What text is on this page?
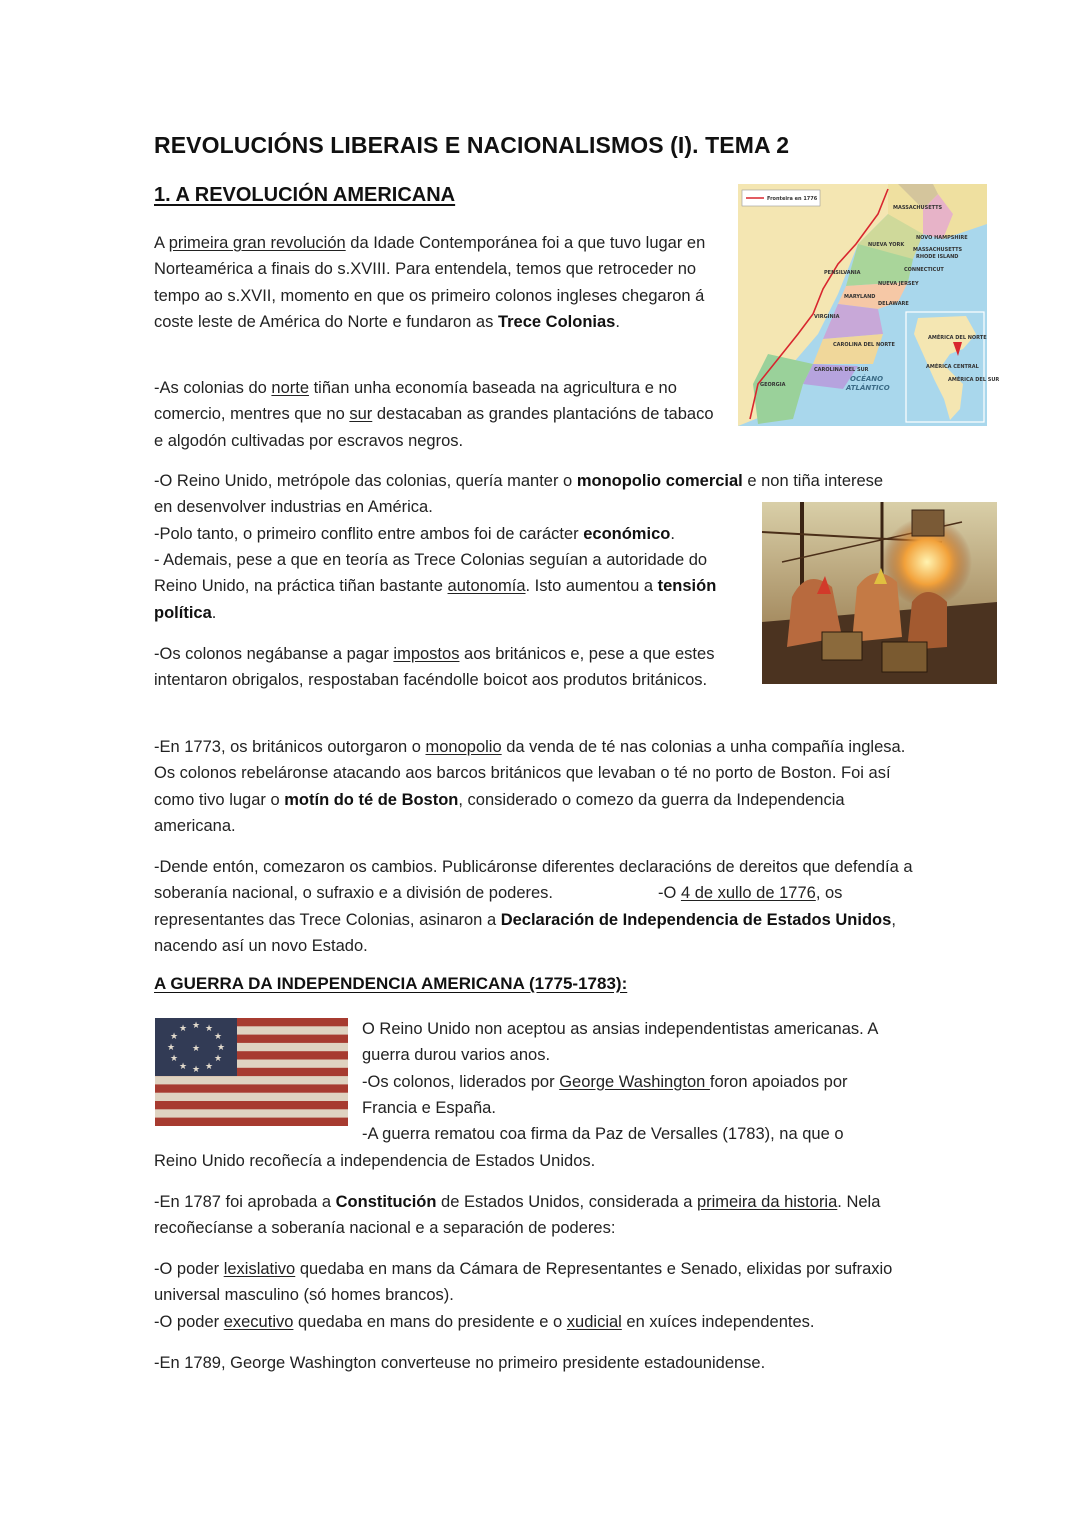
REVOLUCIÓNS LIBERAIS E NACIONALISMOS (I). TEMA 2
1. A REVOLUCIÓN AMERICANA	Fronteira en 1776
AMÉRICA DEL NORTE
AMÉRICA CENTRAL
AMÉRICA DEL SUR
MASSACHUSETTS
NOVO HAMPSHIRE
NUEVA YORK
MASSACHUSETTS
RHODE ISLAND
CONNECTICUT
PENSILVANIA
NUEVA JERSEY
MARYLAND
DELAWARE
VIRGINIA
CAROLINA DEL NORTE
CAROLINA DEL SUR
GEORGIA
OCÉANO
ATLÁNTICO

A primeira gran revolución da Idade Contemporánea foi a que tuvo lugar en Norteamérica a finais do s.XVIII. Para entendela, temos que retroceder no tempo ao s.XVII, momento en que os primeiro colonos ingleses chegaron á coste leste de América do Norte e fundaron as Trece Colonias.

-As colonias do norte tiñan unha economía baseada na agricultura e no comercio, mentres que no sur destacaban as grandes plantacións de tabaco e algodón cultivadas por escravos negros.

-O Reino Unido, metrópole das colonias, quería manter o monopolio comercial e non tiña interese en desenvolver industrias en América.

-Polo tanto, o primeiro conflito entre ambos foi de carácter económico.

- Ademais, pese a que en teoría as Trece Colonias seguían a autoridade do Reino Unido, na práctica tiñan bastante autonomía. Isto aumentou a tensión política.

-Os colonos negábanse a pagar impostos aos británicos e, pese a que estes intentaron obrigalos, respostaban facéndolle boicot aos produtos británicos.

-En 1773, os británicos outorgaron o monopolio da venda de té nas colonias a unha compañía inglesa. Os colonos rebeláronse atacando aos barcos británicos que levaban o té no porto de Boston. Foi así como tivo lugar o motín do té de Boston, considerado o comezo da guerra da Independencia americana.

-Dende entón, comezaron os cambios. Publicáronse diferentes declaracións de dereitos que defendía a soberanía nacional, o sufraxio e a división de poderes.	-O 4 de xullo de 1776, os representantes das Trece Colonias, asinaron a Declaración de Independencia de Estados Unidos, nacendo así un novo Estado.

A GUERRA DA INDEPENDENCIA AMERICANA (1775-1783):
★ ★
★
★
★
★
★
★
★
★
★
★
★
O Reino Unido non aceptou as ansias independentistas americanas. A
guerra durou varios anos.
-Os colonos, liderados por George Washington foron apoiados por
Francia e España.
-A guerra rematou coa firma da Paz de Versalles (1783), na que o
Reino Unido recoñecía a independencia de Estados Unidos.

-En 1787 foi aprobada a Constitución de Estados Unidos, considerada a primeira da historia. Nela recoñecíanse a soberanía nacional e a separación de poderes:

-O poder lexislativo quedaba en mans da Cámara de Representantes e Senado, elixidas por sufraxio universal masculino (só homes brancos).

-O poder executivo quedaba en mans do presidente e o xudicial en xuíces independentes.

-En 1789, George Washington converteuse no primeiro presidente estadounidense.
